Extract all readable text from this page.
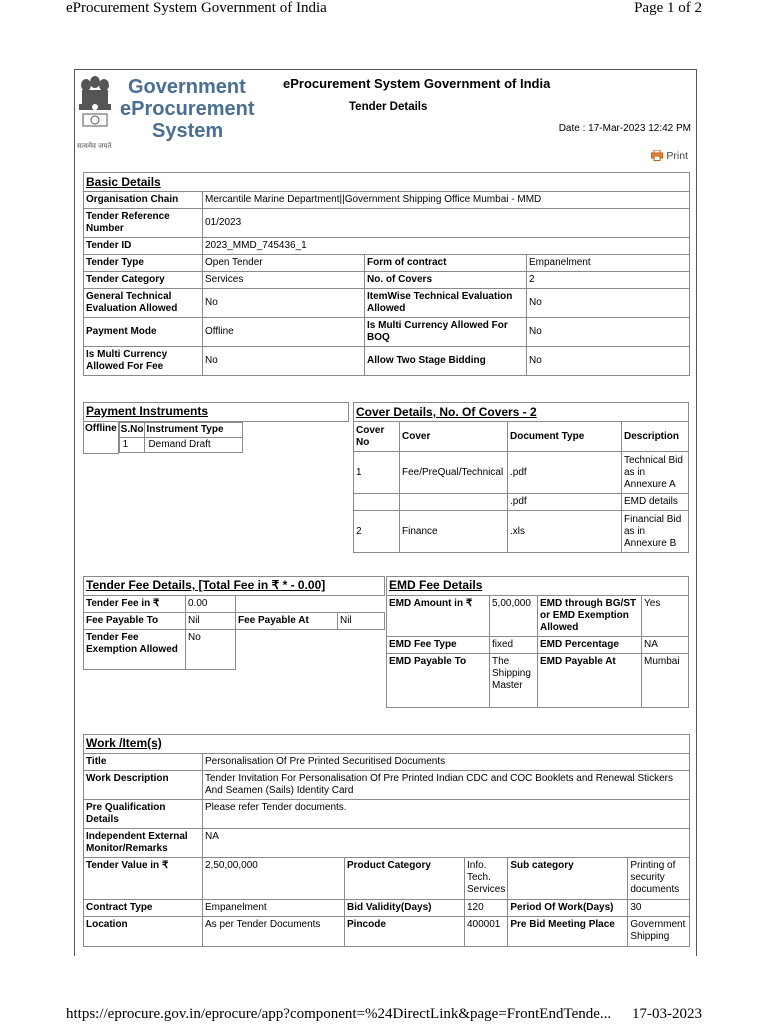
eProcurement System Government of India	Page 1 of 2
सत्यमेव जयते
Government
eProcurement
System
eProcurement System Government of India
Tender Details
Date : 17-Mar-2023 12:42 PM
Print
Basic Details			
Organisation Chain	Mercantile Marine Department||Government Shipping Office Mumbai - MMD		
Tender Reference Number	01/2023		
Tender ID	2023_MMD_745436_1		
Tender Type	Open Tender	Form of contract	Empanelment
Tender Category	Services	No. of Covers	2
General Technical Evaluation Allowed	No	ItemWise Technical Evaluation Allowed	No
Payment Mode	Offline	Is Multi Currency Allowed For BOQ	No
Is Multi Currency Allowed For Fee	No	Allow Two Stage Bidding	No
Payment Instruments
Offline	S.No	Instrument Type
1	Demand Draft
Cover Details, No. Of Covers - 2			
Cover No	Cover	Document Type	Description
1	Fee/PreQual/Technical	.pdf	Technical Bid as in Annexure A
		.pdf	EMD details
2	Finance	.xls	Financial Bid as in Annexure B
Tender Fee Details, [Total Fee in ₹ * - 0.00]			
Tender Fee in ₹	0.00		
Fee Payable To	Nil	Fee Payable At	Nil
Tender Fee Exemption Allowed	No		
EMD Fee Details			
EMD Amount in ₹	5,00,000	EMD through BG/ST or EMD Exemption Allowed	Yes
EMD Fee Type	fixed	EMD Percentage	NA
EMD Payable To	The Shipping Master	EMD Payable At	Mumbai
Work /Item(s)					
Title	Personalisation Of Pre Printed Securitised Documents				
Work Description	Tender Invitation For Personalisation Of Pre Printed Indian CDC and COC Booklets and Renewal Stickers And Seamen (Sails) Identity Card				
Pre Qualification Details	Please refer Tender documents.				
Independent External Monitor/Remarks	NA				
Tender Value in ₹	2,50,00,000	Product Category	Info. Tech. Services	Sub category	Printing of security documents
Contract Type	Empanelment	Bid Validity(Days)	120	Period Of Work(Days)	30
Location	As per Tender Documents	Pincode	400001	Pre Bid Meeting Place	Government Shipping
https://eprocure.gov.in/eprocure/app?component=%24DirectLink&page=FrontEndTende... 17-03-2023
